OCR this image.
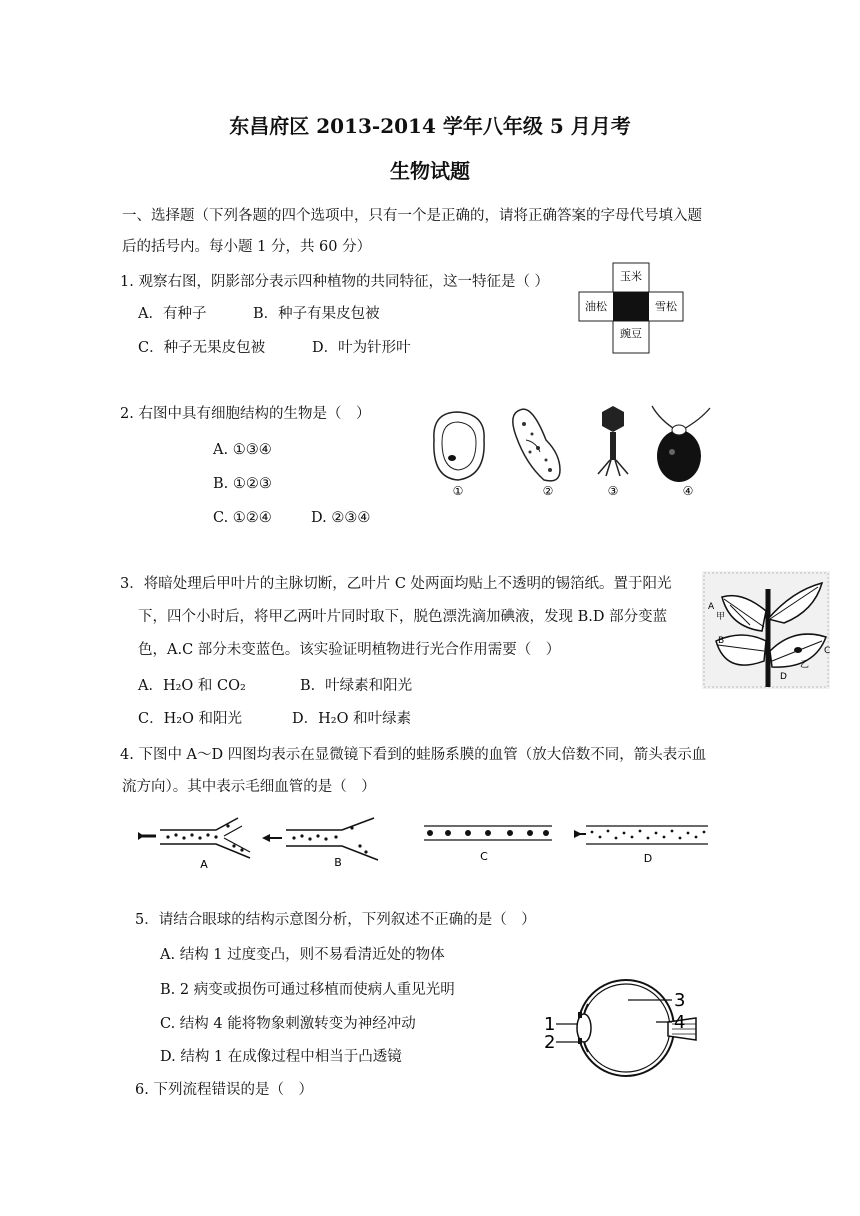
东昌府区 2013-2014 学年八年级 5 月月考
生物试题
一、选择题（下列各题的四个选项中，只有一个是正确的，请将正确答案的字母代号填入题
后的括号内。每小题 1 分，共 60 分）
1. 观察右图，阴影部分表示四种植物的共同特征，这一特征是（ ）
A．有种子	B．种子有果皮包被
C．种子无果皮包被	D．叶为针形叶
玉米
油松	雪松
豌豆
2. 右图中具有细胞结构的生物是（　）
A. ①③④
B. ①②③
C. ①②④	D. ②③④
①	②	③	④
3．将暗处理后甲叶片的主脉切断，乙叶片 C 处两面均贴上不透明的锡箔纸。置于阳光
下，四个小时后，将甲乙两叶片同时取下，脱色漂洗滴加碘液，发现 B.D 部分变蓝
色，A.C 部分未变蓝色。该实验证明植物进行光合作用需要（　）
A．H₂O 和 CO₂	B．叶绿素和阳光
C．H₂O 和阳光	D．H₂O 和叶绿素
A
甲
B
C
乙
D
4. 下图中 A～D 四图均表示在显微镜下看到的蛙肠系膜的血管（放大倍数不同，箭头表示血
流方向）。其中表示毛细血管的是（　）
A	B	C	D
5．请结合眼球的结构示意图分析，下列叙述不正确的是（　）
A. 结构 1 过度变凸，则不易看清近处的物体
B. 2 病变或损伤可通过移植而使病人重见光明
C. 结构 4 能将物象刺激转变为神经冲动
D. 结构 1 在成像过程中相当于凸透镜
1
2
3
4
6. 下列流程错误的是（　）
